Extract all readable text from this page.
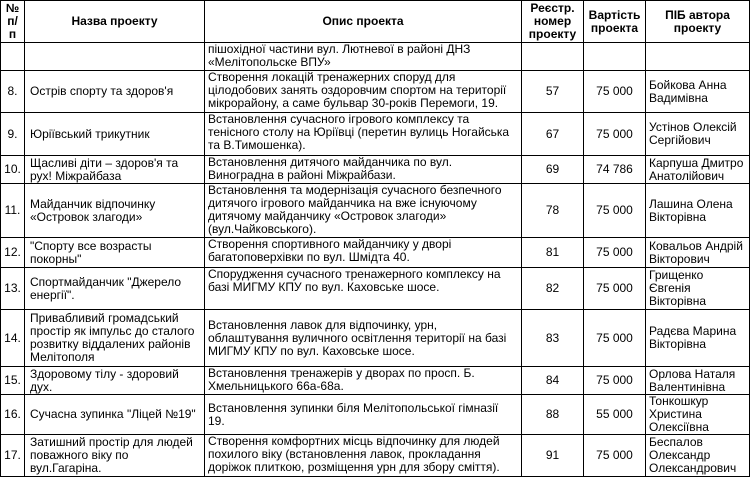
№ п/п	Назва проекту	Опис проекта	Реєстр. номер проекту	Вартість проекта	ПІБ автора проекту
		пішохідної частини вул. Лютневої в районі ДНЗ «Мелітопольске ВПУ»			
8.	Острів спорту та здоров'я	Створення локацій тренажерних споруд для цілодобових занять оздоровчим спортом на території мікрорайону, а саме бульвар 30-років Перемоги, 19.	57	75 000	Бойкова Анна Вадимівна
9.	Юріївський трикутник	Встановлення сучасного ігрового комплексу та тенісного столу на Юріївці (перетин вулиць Ногайська та В.Тимошенка).	67	75 000	Устінов Олексій Сергійович
10.	Щасливі діти – здоров'я та рух! Міжрайбаза	Встановлення дитячого майданчика по вул. Виноградна в районі Міжрайбази.	69	74 786	Карпуша Дмитро Анатолійович
11.	Майданчик відпочинку «Островок злагоди»	Встановлення та модернізація сучасного безпечного дитячого ігрового майданчика на вже існуючому дитячому майданчику «Островок злагоди» (вул.Чайковського).	78	75 000	Лашина Олена Вікторівна
12.	"Спорту все возрасты покорны"	Створення спортивного майданчику у дворі багатоповерхівки по вул. Шмідта 40.	81	75 000	Ковальов Андрій Вікторович
13.	Спортмайданчик "Джерело енергії".	Спорудження сучасного тренажерного комплексу на базі МИГМУ КПУ по вул. Каховське шосе.	82	75 000	Грищенко Євгенія Вікторівна
14.	Привабливий громадський простір як імпульс до сталого розвитку віддалених районів Мелітополя	Встановлення лавок для відпочинку, урн, облаштування вуличного освітлення території на базі МИГМУ КПУ по вул. Каховське шосе.	83	75 000	Радєва Марина Вікторівна
15.	Здоровому тілу - здоровий дух.	Встановлення тренажерів у дворах по просп. Б. Хмельницького 66а-68а.	84	75 000	Орлова Наталя Валентинівна
16.	Сучасна зупинка "Ліцей №19"	Встановлення зупинки біля Мелітопольської гімназії 19.	88	55 000	Тонкошкур Христина Олексіївна
17.	Затишний простір для людей поважного віку по вул.Гагаріна.	Створення комфортних місць відпочинку для людей похилого віку (встановлення лавок, прокладання доріжок плиткою, розміщення урн для збору сміття).	91	75 000	Беспалов Олександр Олександрович
